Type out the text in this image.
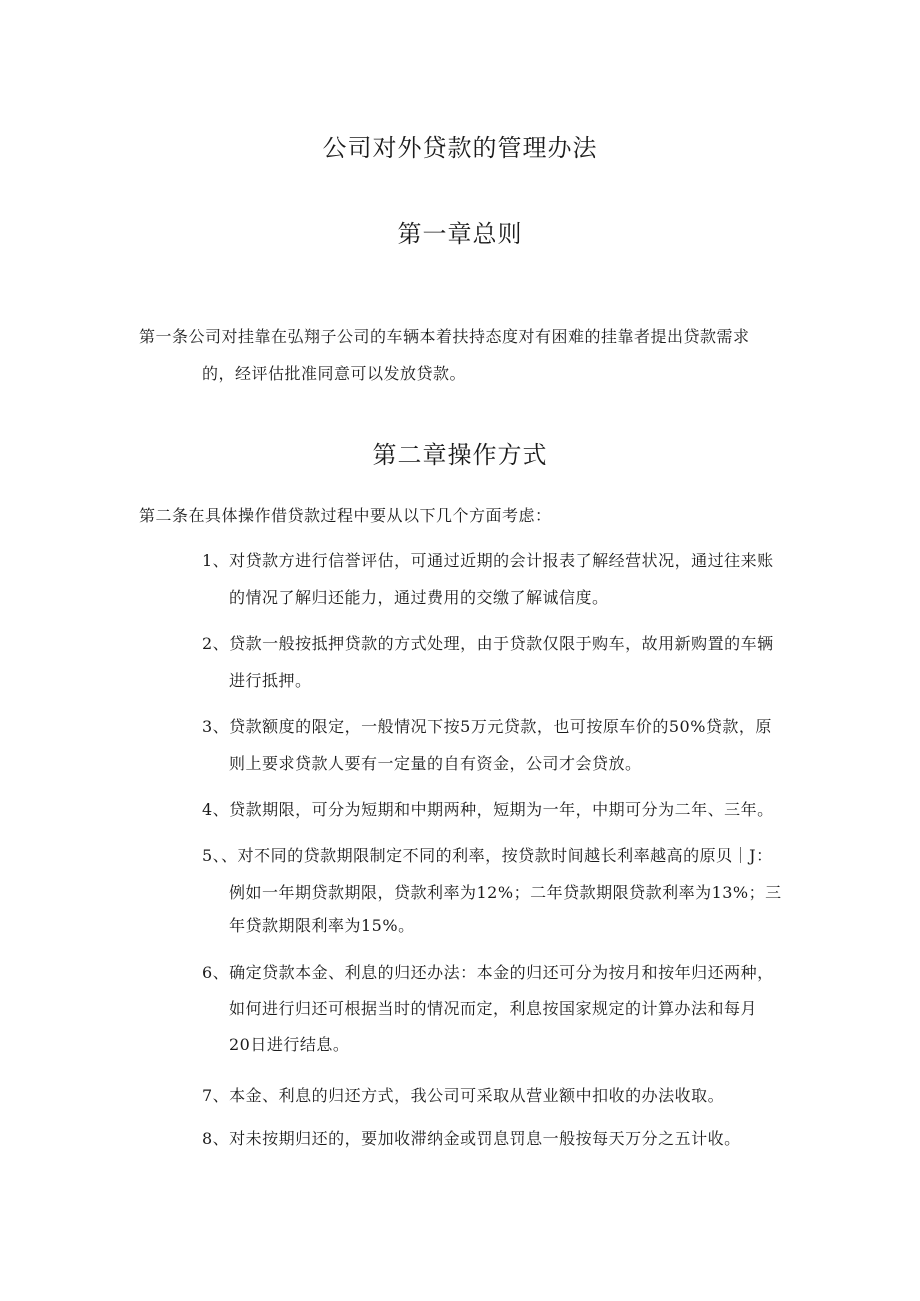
公司对外贷款的管理办法
第一章总则
第一条公司对挂靠在弘翔子公司的车辆本着扶持态度对有困难的挂靠者提出贷款需求
的，经评估批准同意可以发放贷款。
第二章操作方式
第二条在具体操作借贷款过程中要从以下几个方面考虑：
1、对贷款方进行信誉评估，可通过近期的会计报表了解经营状况，通过往来账
的情况了解归还能力，通过费用的交缴了解诚信度。
2、贷款一般按抵押贷款的方式处理，由于贷款仅限于购车，故用新购置的车辆
进行抵押。
3、贷款额度的限定，一般情况下按5万元贷款，也可按原车价的50%贷款，原
则上要求贷款人要有一定量的自有资金，公司才会贷放。
4、贷款期限，可分为短期和中期两种，短期为一年，中期可分为二年、三年。
5、、对不同的贷款期限制定不同的利率，按贷款时间越长利率越高的原贝｜J：
例如一年期贷款期限，贷款利率为12%；二年贷款期限贷款利率为13%；三
年贷款期限利率为15%。
6、确定贷款本金、利息的归还办法：本金的归还可分为按月和按年归还两种，
如何进行归还可根据当时的情况而定，利息按国家规定的计算办法和每月
20日进行结息。
7、本金、利息的归还方式，我公司可采取从营业额中扣收的办法收取。
8、对未按期归还的，要加收滞纳金或罚息罚息一般按每天万分之五计收。
